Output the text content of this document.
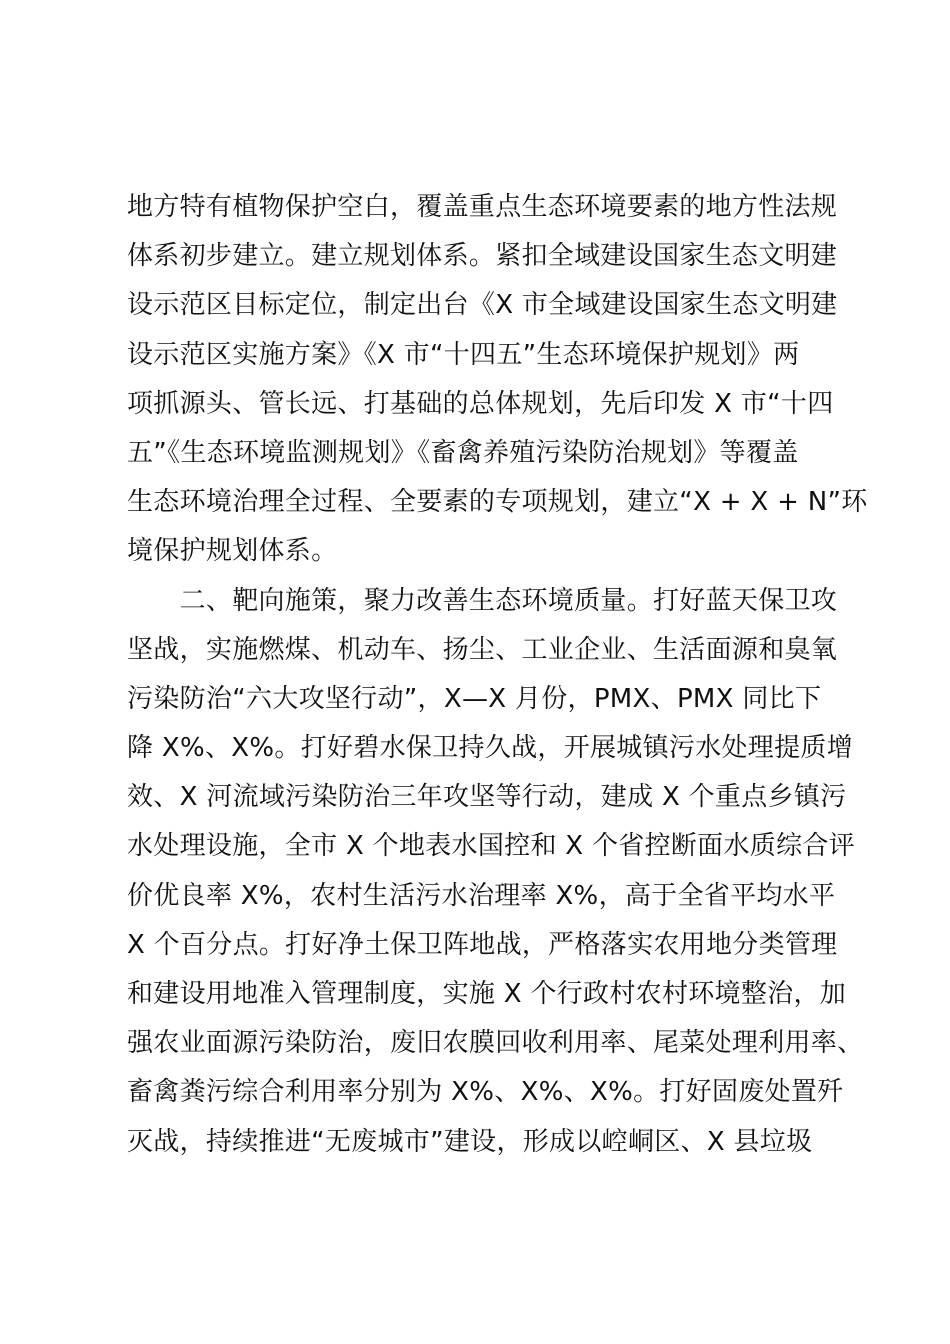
地方特有植物保护空白，覆盖重点生态环境要素的地方性法规
体系初步建立。建立规划体系。紧扣全域建设国家生态文明建
设示范区目标定位，制定出台《X 市全域建设国家生态文明建
设示范区实施方案》《X 市“十四五”生态环境保护规划》两
项抓源头、管长远、打基础的总体规划，先后印发 X 市“十四
五”《生态环境监测规划》《畜禽养殖污染防治规划》等覆盖
生态环境治理全过程、全要素的专项规划，建立“X + X + N”环
境保护规划体系。
　　二、靶向施策，聚力改善生态环境质量。打好蓝天保卫攻
坚战，实施燃煤、机动车、扬尘、工业企业、生活面源和臭氧
污染防治“六大攻坚行动”，X—X 月份，PMX、PMX 同比下
降 X%、X%。打好碧水保卫持久战，开展城镇污水处理提质增
效、X 河流域污染防治三年攻坚等行动，建成 X 个重点乡镇污
水处理设施，全市 X 个地表水国控和 X 个省控断面水质综合评
价优良率 X%，农村生活污水治理率 X%，高于全省平均水平
X 个百分点。打好净土保卫阵地战，严格落实农用地分类管理
和建设用地准入管理制度，实施 X 个行政村农村环境整治，加
强农业面源污染防治，废旧农膜回收利用率、尾菜处理利用率、
畜禽粪污综合利用率分别为 X%、X%、X%。打好固废处置歼
灭战，持续推进“无废城市”建设，形成以崆峒区、X 县垃圾
